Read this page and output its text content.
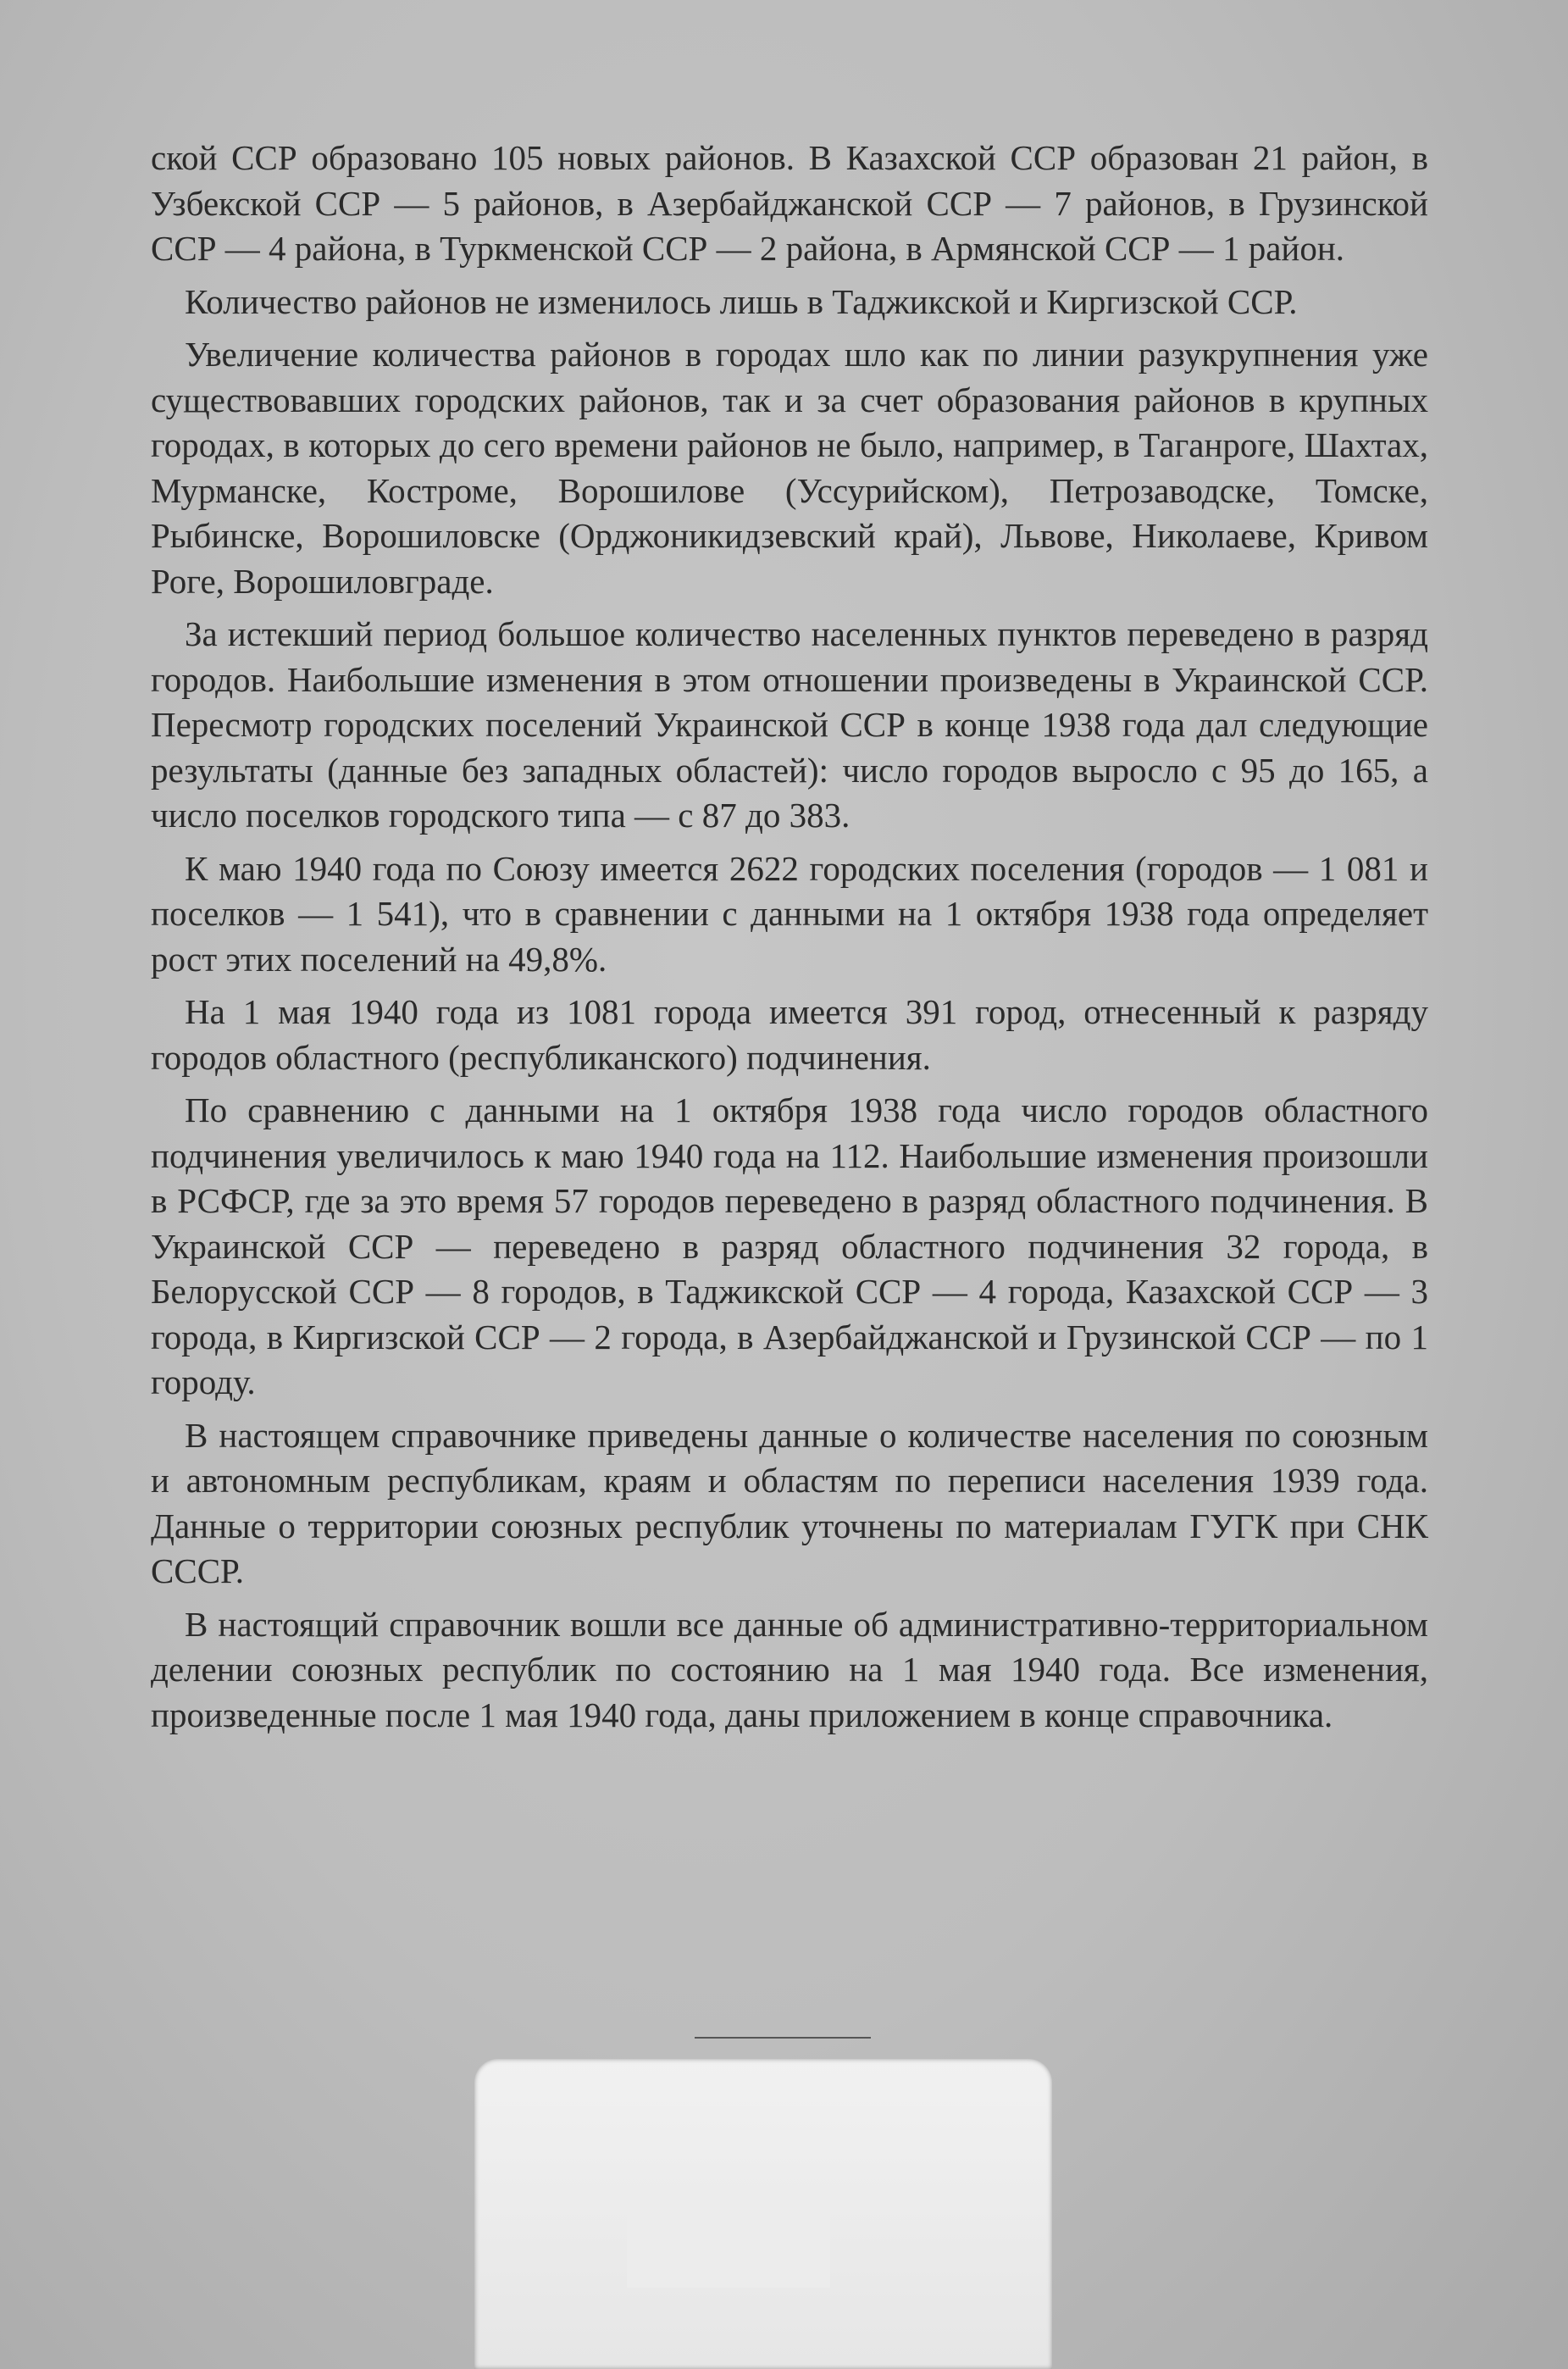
ской ССР образовано 105 новых районов. В Казахской ССР образован 21 район, в Узбекской ССР — 5 районов, в Азербайджанской ССР — 7 районов, в Грузинской ССР — 4 района, в Туркменской ССР — 2 района, в Армянской ССР — 1 район.

Количество районов не изменилось лишь в Таджикской и Киргизской ССР.

Увеличение количества районов в городах шло как по линии разукрупнения уже существовавших городских районов, так и за счет образования районов в крупных городах, в которых до сего времени районов не было, например, в Таганроге, Шахтах, Мурманске, Костроме, Ворошилове (Уссурийском), Петрозаводске, Томске, Рыбинске, Ворошиловске (Орджоникидзевский край), Львове, Николаеве, Кривом Роге, Ворошиловграде.

За истекший период большое количество населенных пунктов переведено в разряд городов. Наибольшие изменения в этом отношении произведены в Украинской ССР. Пересмотр городских поселений Украинской ССР в конце 1938 года дал следующие результаты (данные без западных областей): число городов выросло с 95 до 165, а число поселков городского типа — с 87 до 383.

К маю 1940 года по Союзу имеется 2622 городских поселения (городов — 1 081 и поселков — 1 541), что в сравнении с данными на 1 октября 1938 года определяет рост этих поселений на 49,8%.

На 1 мая 1940 года из 1081 города имеется 391 город, отнесенный к разряду городов областного (республиканского) подчинения.

По сравнению с данными на 1 октября 1938 года число городов областного подчинения увеличилось к маю 1940 года на 112. Наибольшие изменения произошли в РСФСР, где за это время 57 городов переведено в разряд областного подчинения. В Украинской ССР — переведено в разряд областного подчинения 32 города, в Белорусской ССР — 8 городов, в Таджикской ССР — 4 города, Казахской ССР — 3 города, в Киргизской ССР — 2 города, в Азербайджанской и Грузинской ССР — по 1 городу.

В настоящем справочнике приведены данные о количестве населения по союзным и автономным республикам, краям и областям по переписи населения 1939 года. Данные о территории союзных республик уточнены по материалам ГУГК при СНК СССР.

В настоящий справочник вошли все данные об административно-территориальном делении союзных республик по состоянию на 1 мая 1940 года. Все изменения, произведенные после 1 мая 1940 года, даны приложением в конце справочника.
